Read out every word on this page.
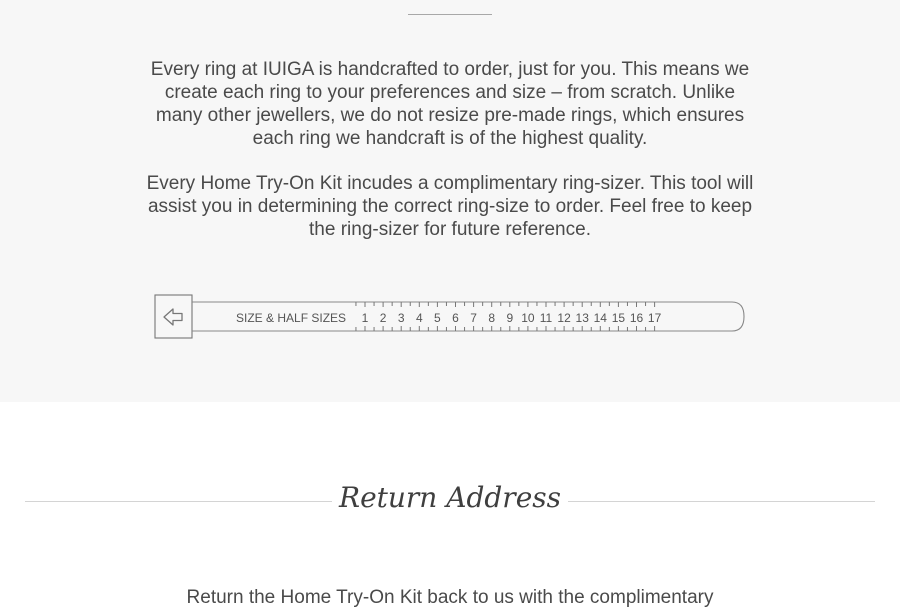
Every ring at IUIGA is handcrafted to order, just for you. This means we create each ring to your preferences and size – from scratch. Unlike many other jewellers, we do not resize pre-made rings, which ensures each ring we handcraft is of the highest quality.

Every Home Try-On Kit incudes a complimentary ring-sizer. This tool will assist you in determining the correct ring-size to order. Feel free to keep the ring-sizer for future reference.

SIZE & HALF SIZES 1 2 3 4 5 6 7 8 9 10 11 12 13 14 15 16 17
Return Address

Return the Home Try-On Kit back to us with the complimentary
